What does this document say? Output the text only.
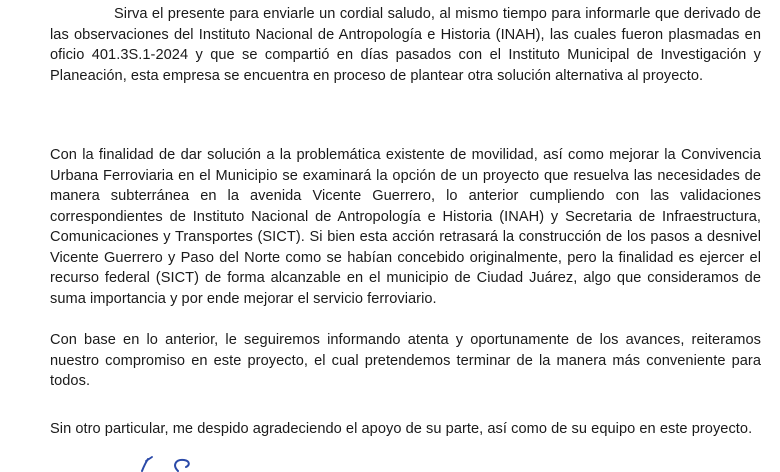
Sirva el presente para enviarle un cordial saludo, al mismo tiempo para informarle que derivado de las observaciones del Instituto Nacional de Antropología e Historia (INAH), las cuales fueron plasmadas en oficio 401.3S.1-2024 y que se compartió en días pasados con el Instituto Municipal de Investigación y Planeación, esta empresa se encuentra en proceso de plantear otra solución alternativa al proyecto.

Con la finalidad de dar solución a la problemática existente de movilidad, así como mejorar la Convivencia Urbana Ferroviaria en el Municipio se examinará la opción de un proyecto que resuelva las necesidades de manera subterránea en la avenida Vicente Guerrero, lo anterior cumpliendo con las validaciones correspondientes de Instituto Nacional de Antropología e Historia (INAH) y Secretaria de Infraestructura, Comunicaciones y Transportes (SICT). Si bien esta acción retrasará la construcción de los pasos a desnivel Vicente Guerrero y Paso del Norte como se habían concebido originalmente, pero la finalidad es ejercer el recurso federal (SICT) de forma alcanzable en el municipio de Ciudad Juárez, algo que consideramos de suma importancia y por ende mejorar el servicio ferroviario.

Con base en lo anterior, le seguiremos informando atenta y oportunamente de los avances, reiteramos nuestro compromiso en este proyecto, el cual pretendemos terminar de la manera más conveniente para todos.

Sin otro particular, me despido agradeciendo el apoyo de su parte, así como de su equipo en este proyecto.
